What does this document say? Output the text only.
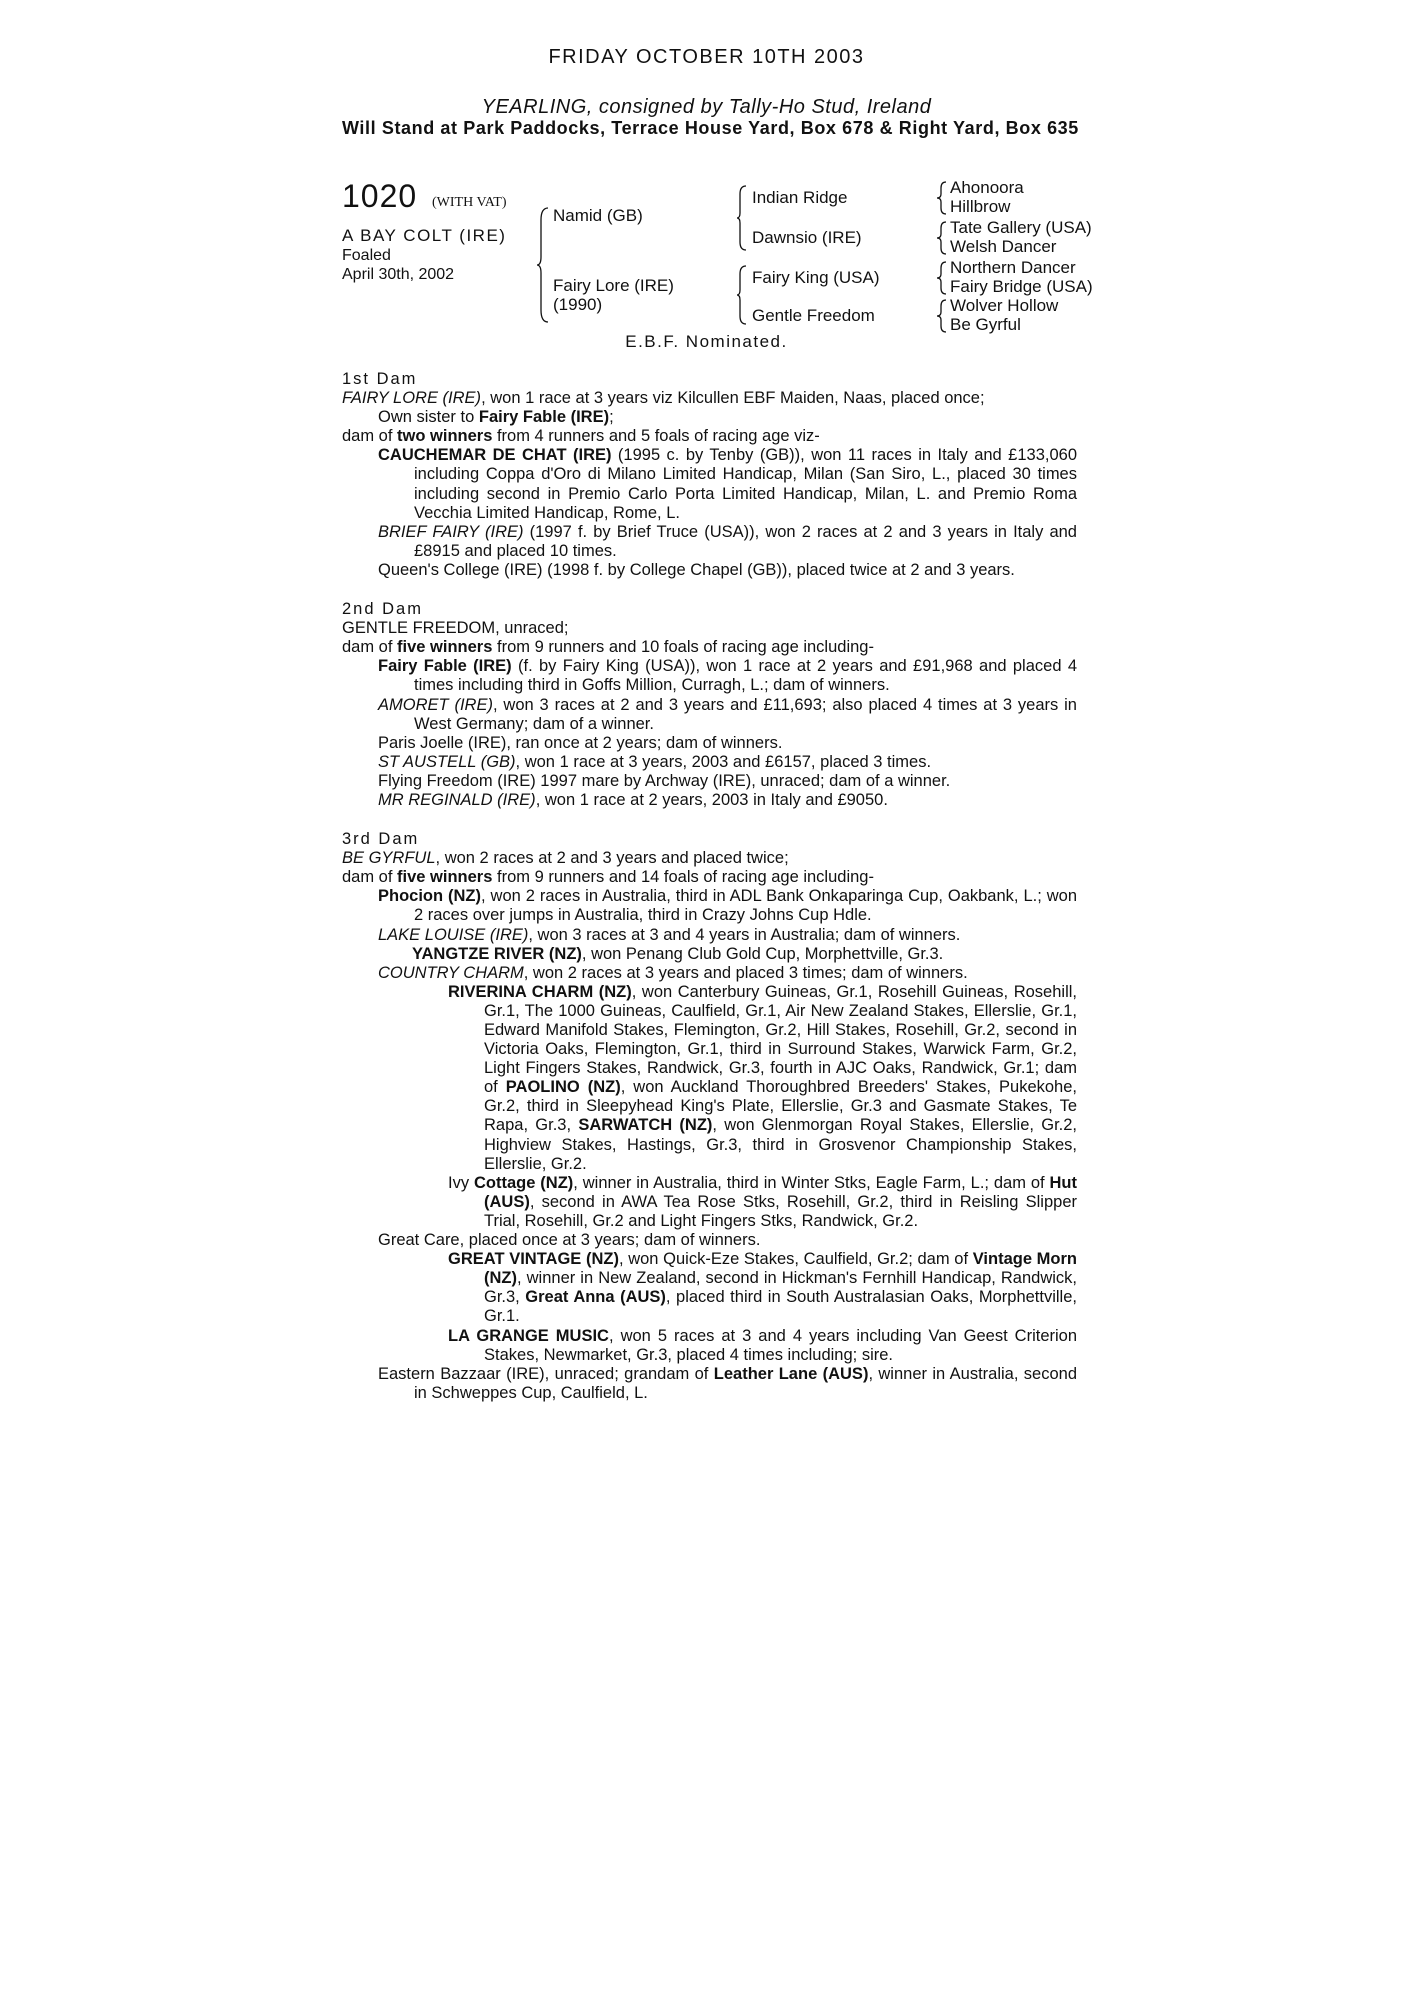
FRIDAY OCTOBER 10TH 2003
YEARLING, consigned by Tally-Ho Stud, Ireland
Will Stand at Park Paddocks, Terrace House Yard, Box 678 & Right Yard, Box 635
1020 (WITH VAT)
A BAY COLT (IRE)
Foaled
April 30th, 2002
Namid (GB)
Fairy Lore (IRE)
(1990)
Indian Ridge
Dawnsio (IRE)
Fairy King (USA)
Gentle Freedom
Ahonoora
Hillbrow
Tate Gallery (USA)
Welsh Dancer
Northern Dancer
Fairy Bridge (USA)
Wolver Hollow
Be Gyrful
E.B.F. Nominated.

1st Dam

FAIRY LORE (IRE), won 1 race at 3 years viz Kilcullen EBF Maiden, Naas, placed once;

Own sister to Fairy Fable (IRE);

dam of two winners from 4 runners and 5 foals of racing age viz-

CAUCHEMAR DE CHAT (IRE) (1995 c. by Tenby (GB)), won 11 races in Italy and £133,060 including Coppa d'Oro di Milano Limited Handicap, Milan (San Siro, L., placed 30 times including second in Premio Carlo Porta Limited Handicap, Milan, L. and Premio Roma Vecchia Limited Handicap, Rome, L.

BRIEF FAIRY (IRE) (1997 f. by Brief Truce (USA)), won 2 races at 2 and 3 years in Italy and £8915 and placed 10 times.

Queen's College (IRE) (1998 f. by College Chapel (GB)), placed twice at 2 and 3 years.

2nd Dam

GENTLE FREEDOM, unraced;

dam of five winners from 9 runners and 10 foals of racing age including-

Fairy Fable (IRE) (f. by Fairy King (USA)), won 1 race at 2 years and £91,968 and placed 4 times including third in Goffs Million, Curragh, L.; dam of winners.

AMORET (IRE), won 3 races at 2 and 3 years and £11,693; also placed 4 times at 3 years in West Germany; dam of a winner.

Paris Joelle (IRE), ran once at 2 years; dam of winners.

ST AUSTELL (GB), won 1 race at 3 years, 2003 and £6157, placed 3 times.

Flying Freedom (IRE) 1997 mare by Archway (IRE), unraced; dam of a winner.

MR REGINALD (IRE), won 1 race at 2 years, 2003 in Italy and £9050.

3rd Dam

BE GYRFUL, won 2 races at 2 and 3 years and placed twice;

dam of five winners from 9 runners and 14 foals of racing age including-

Phocion (NZ), won 2 races in Australia, third in ADL Bank Onkaparinga Cup, Oakbank, L.; won 2 races over jumps in Australia, third in Crazy Johns Cup Hdle.

LAKE LOUISE (IRE), won 3 races at 3 and 4 years in Australia; dam of winners.

YANGTZE RIVER (NZ), won Penang Club Gold Cup, Morphettville, Gr.3.

COUNTRY CHARM, won 2 races at 3 years and placed 3 times; dam of winners.

RIVERINA CHARM (NZ), won Canterbury Guineas, Gr.1, Rosehill Guineas, Rosehill, Gr.1, The 1000 Guineas, Caulfield, Gr.1, Air New Zealand Stakes, Ellerslie, Gr.1, Edward Manifold Stakes, Flemington, Gr.2, Hill Stakes, Rosehill, Gr.2, second in Victoria Oaks, Flemington, Gr.1, third in Surround Stakes, Warwick Farm, Gr.2, Light Fingers Stakes, Randwick, Gr.3, fourth in AJC Oaks, Randwick, Gr.1; dam of PAOLINO (NZ), won Auckland Thoroughbred Breeders' Stakes, Pukekohe, Gr.2, third in Sleepyhead King's Plate, Ellerslie, Gr.3 and Gasmate Stakes, Te Rapa, Gr.3, SARWATCH (NZ), won Glenmorgan Royal Stakes, Ellerslie, Gr.2, Highview Stakes, Hastings, Gr.3, third in Grosvenor Championship Stakes, Ellerslie, Gr.2.

Ivy Cottage (NZ), winner in Australia, third in Winter Stks, Eagle Farm, L.; dam of Hut (AUS), second in AWA Tea Rose Stks, Rosehill, Gr.2, third in Reisling Slipper Trial, Rosehill, Gr.2 and Light Fingers Stks, Randwick, Gr.2.

Great Care, placed once at 3 years; dam of winners.

GREAT VINTAGE (NZ), won Quick-Eze Stakes, Caulfield, Gr.2; dam of Vintage Morn (NZ), winner in New Zealand, second in Hickman's Fernhill Handicap, Randwick, Gr.3, Great Anna (AUS), placed third in South Australasian Oaks, Morphettville, Gr.1.

LA GRANGE MUSIC, won 5 races at 3 and 4 years including Van Geest Criterion Stakes, Newmarket, Gr.3, placed 4 times including; sire.

Eastern Bazzaar (IRE), unraced; grandam of Leather Lane (AUS), winner in Australia, second in Schweppes Cup, Caulfield, L.
